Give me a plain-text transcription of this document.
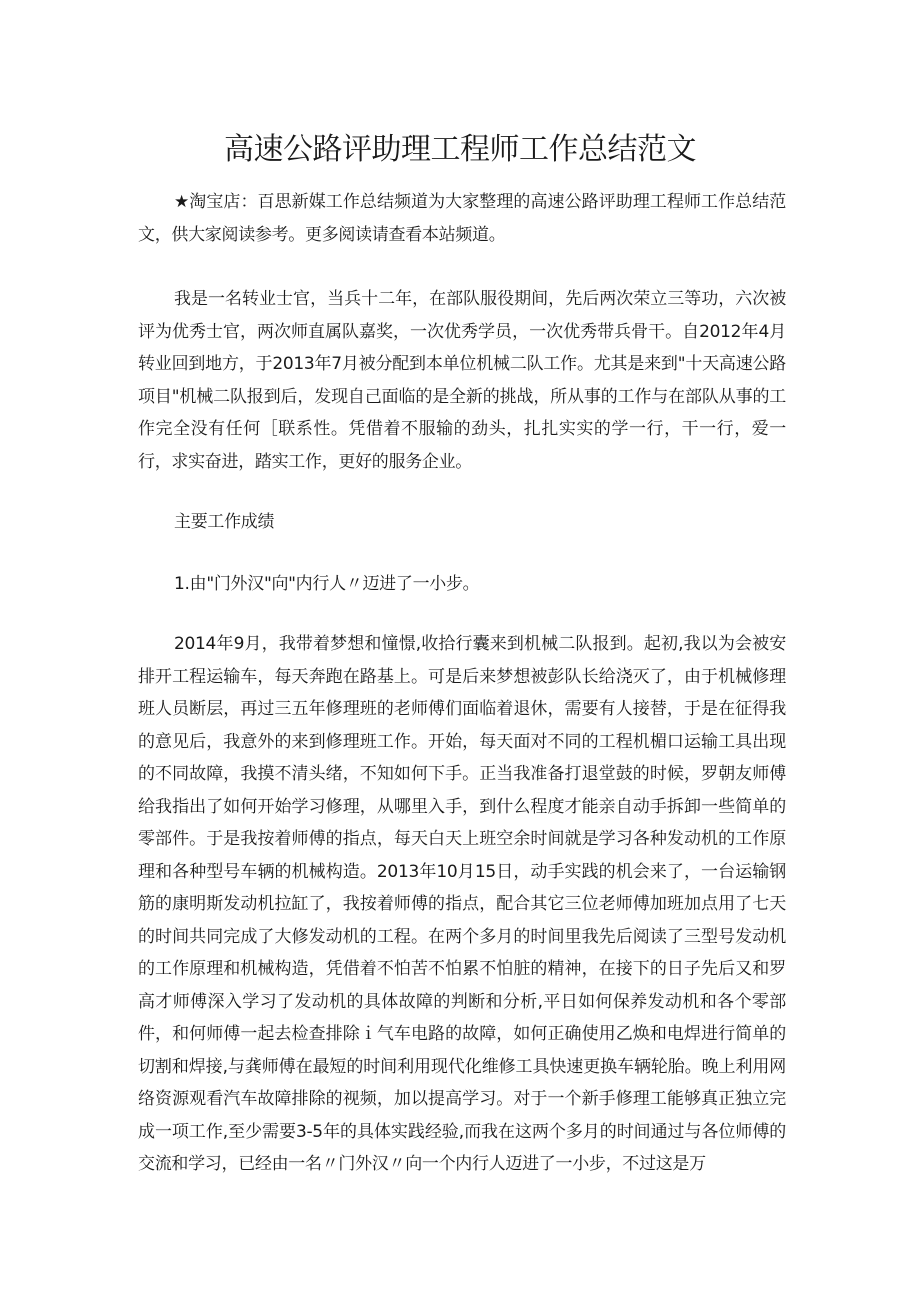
高速公路评助理工程师工作总结范文

★淘宝店：百思新媒工作总结频道为大家整理的高速公路评助理工程师工作总结范文，供大家阅读参考。更多阅读请查看本站频道。

我是一名转业士官，当兵十二年，在部队服役期间，先后两次荣立三等功，六次被评为优秀士官，两次师直属队嘉奖，一次优秀学员，一次优秀带兵骨干。自2012年4月转业回到地方，于2013年7月被分配到本单位机械二队工作。尤其是来到"十天高速公路项目"机械二队报到后，发现自己面临的是全新的挑战，所从事的工作与在部队从事的工作完全没有任何［联系性。凭借着不服输的劲头，扎扎实实的学一行，干一行，爱一行，求实奋进，踏实工作，更好的服务企业。

主要工作成绩

1.由"门外汉"向"内行人〃迈进了一小步。

2014年9月，我带着梦想和憧憬,收拾行囊来到机械二队报到。起初,我以为会被安排开工程运输车，每天奔跑在路基上。可是后来梦想被彭队长给浇灭了，由于机械修理班人员断层，再过三五年修理班的老师傅们面临着退休，需要有人接替，于是在征得我的意见后，我意外的来到修理班工作。开始，每天面对不同的工程机楣口运输工具出现的不同故障，我摸不清头绪，不知如何下手。正当我准备打退堂鼓的时候，罗朝友师傅给我指出了如何开始学习修理，从哪里入手，到什么程度才能亲自动手拆卸一些简单的零部件。于是我按着师傅的指点，每天白天上班空余时间就是学习各种发动机的工作原理和各种型号车辆的机械构造。2013年10月15日，动手实践的机会来了，一台运输钢筋的康明斯发动机拉缸了，我按着师傅的指点，配合其它三位老师傅加班加点用了七天的时间共同完成了大修发动机的工程。在两个多月的时间里我先后阅读了三型号发动机的工作原理和机械构造，凭借着不怕苦不怕累不怕脏的精神，在接下的日子先后又和罗高才师傅深入学习了发动机的具体故障的判断和分析,平日如何保养发动机和各个零部件，和何师傅一起去检查排除ｉ气车电路的故障，如何正确使用乙焕和电焊进行简单的切割和焊接,与龚师傅在最短的时间利用现代化维修工具快速更换车辆轮胎。晚上利用网络资源观看汽车故障排除的视频，加以提高学习。对于一个新手修理工能够真正独立完成一项工作,至少需要3-5年的具体实践经验,而我在这两个多月的时间通过与各位师傅的交流和学习，已经由一名〃门外汉〃向一个内行人迈进了一小步，不过这是万
